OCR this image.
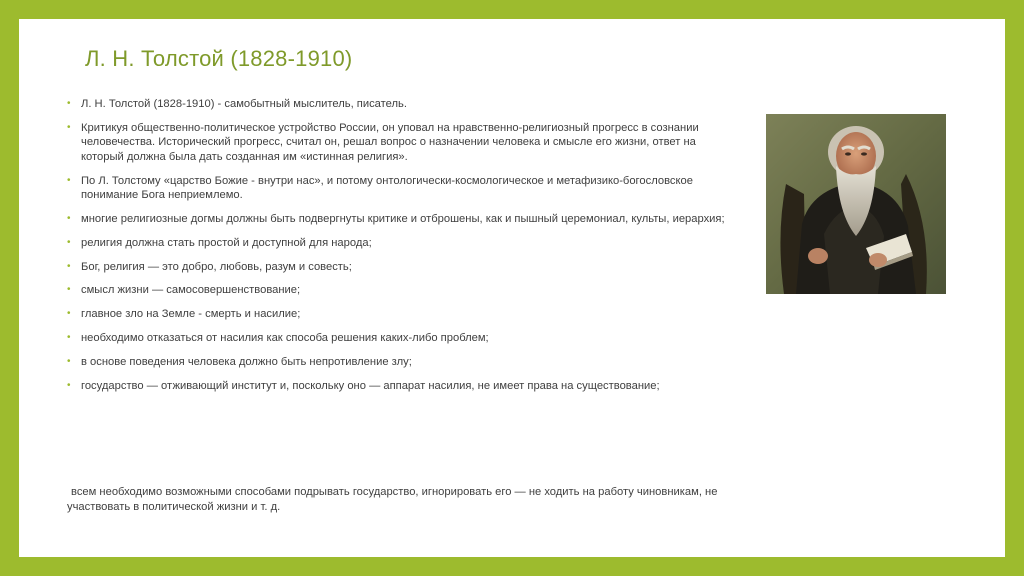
Л. Н. Толстой (1828-1910)
• Л. Н. Толстой (1828-1910) - самобытный мыслитель, писатель.
• Критикуя общественно-политическое устройство России, он уповал на нравственно-религиозный прогресс в сознании человечества. Исторический прогресс, считал он, решал вопрос о назначении человека и смысле его жизни, ответ на который должна была дать созданная им «истинная религия».
• По Л. Толстому «царство Божие - внутри нас», и потому онтологически-космологическое и метафизико-богословское понимание Бога неприемлемо.
• многие религиозные догмы должны быть подвергнуты критике и отброшены, как и пышный церемониал, культы, иерархия;
• религия должна стать простой и доступной для народа;
• Бог, религия — это добро, любовь, разум и совесть;
• смысл жизни — самосовершенствование;
• главное зло на Земле - смерть и насилие;
• необходимо отказаться от насилия как способа решения каких-либо проблем;
• в основе поведения человека должно быть непротивление злу;
• государство — отживающий институт и, поскольку оно — аппарат насилия, не имеет права на существование;
всем необходимо возможными способами подрывать государство, игнорировать его — не ходить на работу чиновникам, не участвовать в политической жизни и т. д.
